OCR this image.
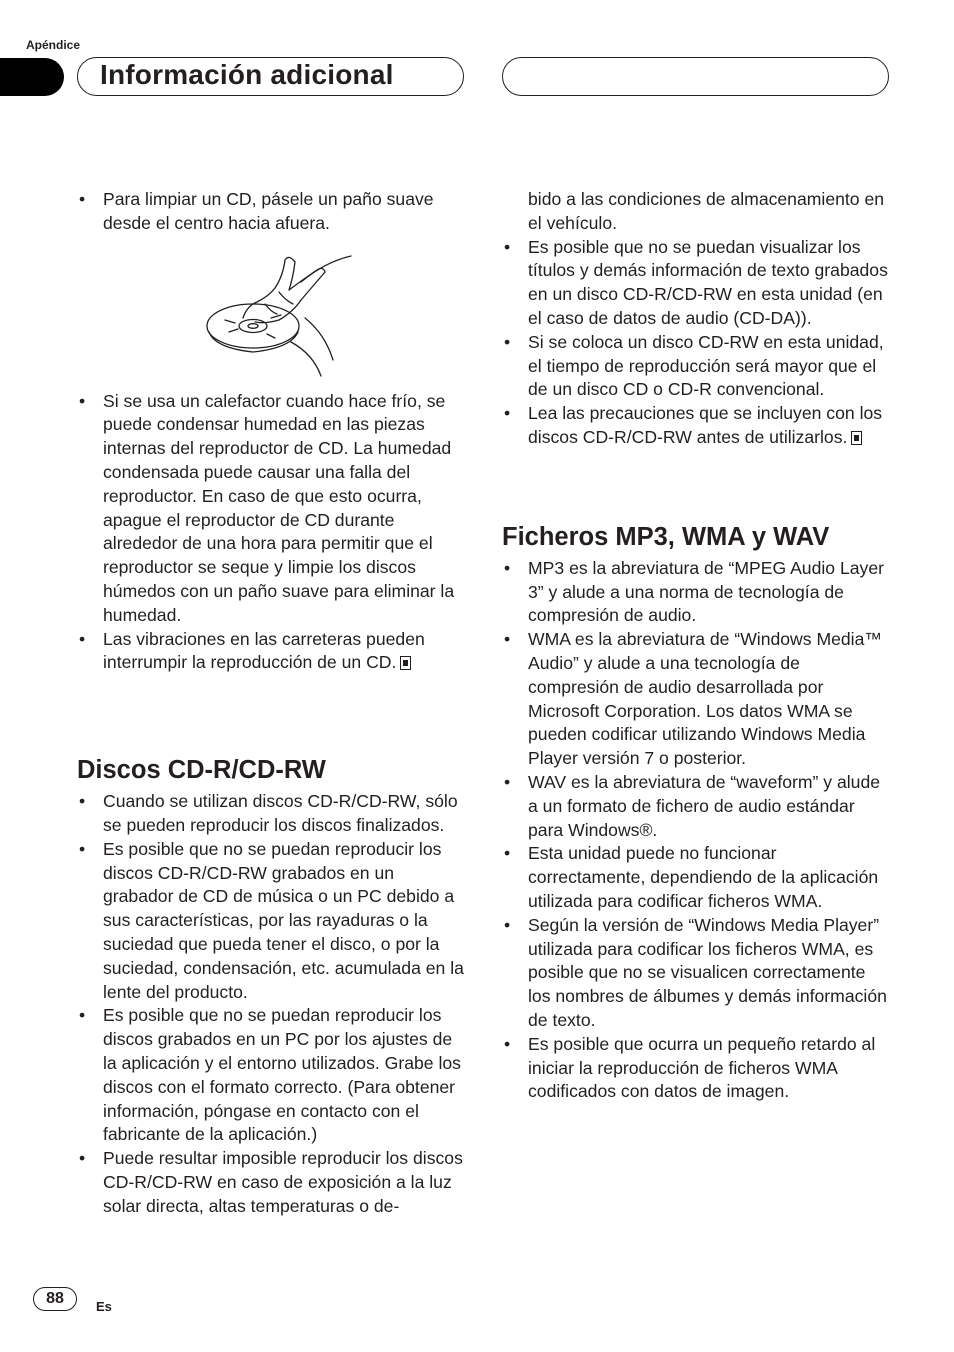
Apéndice
Información adicional
• Para limpiar un CD, pásele un paño suave desde el centro hacia afuera.
• Si se usa un calefactor cuando hace frío, se puede condensar humedad en las piezas internas del reproductor de CD. La humedad condensada puede causar una falla del reproductor. En caso de que esto ocurra, apague el reproductor de CD durante alrededor de una hora para permitir que el reproductor se seque y limpie los discos húmedos con un paño suave para eliminar la humedad.
• Las vibraciones en las carreteras pueden interrumpir la reproducción de un CD.
Discos CD-R/CD-RW
• Cuando se utilizan discos CD-R/CD-RW, sólo se pueden reproducir los discos finalizados.
• Es posible que no se puedan reproducir los discos CD-R/CD-RW grabados en un grabador de CD de música o un PC debido a sus características, por las rayaduras o la suciedad que pueda tener el disco, o por la suciedad, condensación, etc. acumulada en la lente del producto.
• Es posible que no se puedan reproducir los discos grabados en un PC por los ajustes de la aplicación y el entorno utilizados. Grabe los discos con el formato correcto. (Para obtener información, póngase en contacto con el fabricante de la aplicación.)
• Puede resultar imposible reproducir los discos CD-R/CD-RW en caso de exposición a la luz solar directa, altas temperaturas o de-

bido a las condiciones de almacenamiento en el vehículo.

• Es posible que no se puedan visualizar los títulos y demás información de texto grabados en un disco CD-R/CD-RW en esta unidad (en el caso de datos de audio (CD-DA)).
• Si se coloca un disco CD-RW en esta unidad, el tiempo de reproducción será mayor que el de un disco CD o CD-R convencional.
• Lea las precauciones que se incluyen con los discos CD-R/CD-RW antes de utilizarlos.
Ficheros MP3, WMA y WAV
• MP3 es la abreviatura de “MPEG Audio Layer 3” y alude a una norma de tecnología de compresión de audio.
• WMA es la abreviatura de “Windows Media™ Audio” y alude a una tecnología de compresión de audio desarrollada por Microsoft Corporation. Los datos WMA se pueden codificar utilizando Windows Media Player versión 7 o posterior.
• WAV es la abreviatura de “waveform” y alude a un formato de fichero de audio estándar para Windows®.
• Esta unidad puede no funcionar correctamente, dependiendo de la aplicación utilizada para codificar ficheros WMA.
• Según la versión de “Windows Media Player” utilizada para codificar los ficheros WMA, es posible que no se visualicen correctamente los nombres de álbumes y demás información de texto.
• Es posible que ocurra un pequeño retardo al iniciar la reproducción de ficheros WMA codificados con datos de imagen.
88	Es
